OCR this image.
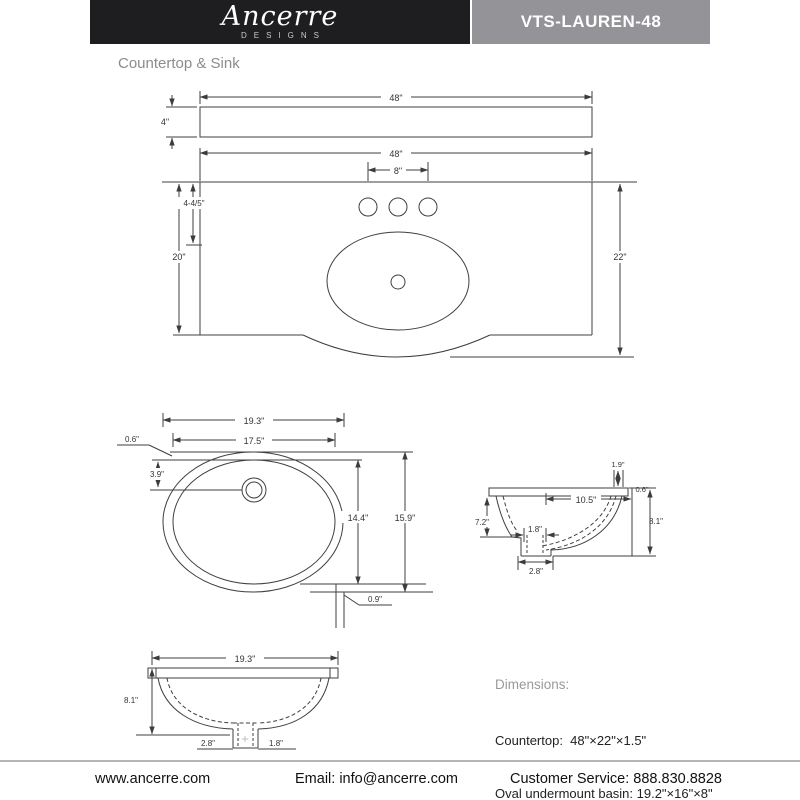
Ancerre
DESIGNS
VTS-LAUREN-48
Countertop & Sink
48"
4"
48"
20"
4-4/5"
8"
22"
19.3"
17.5"
0.6"
3.9"
14.4"	15.9"
0.9"
1.9"
1.8"
2.8"
7.2"
10.5"
0.6"
8.1"
19.3"
8.1"
2.8"	1.8"

Dimensions:

Countertop:  48"×22"×1.5"

Oval undermount basin: 19.2"×16"×8"

www.ancerre.com	Email: info@ancerre.com	Customer Service: 888.830.8828
